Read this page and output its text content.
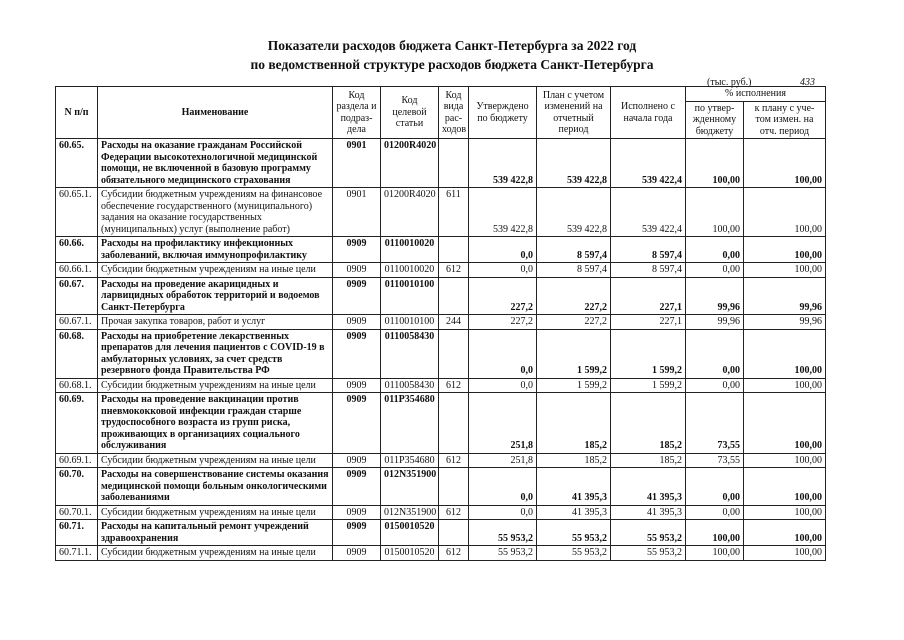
Показатели расходов бюджета Санкт-Петербурга за 2022 год
по ведомственной структуре расходов бюджета Санкт-Петербурга
(тыс. руб.)	433
N п/п	Наименование	Код раздела и подраз-дела	Код целевой статьи	Код вида рас-ходов	Утверждено по бюджету	План с учетом изменений на отчетный период	Исполнено с начала года	% исполнения	
								по утвер-жденному бюджету	к плану с уче-том измен. на отч. период
60.65.	Расходы на оказание гражданам Российской Федерации высокотехнологичной медицинской помощи, не включенной в базовую программу обязательного медицинского страхования	0901	01200R4020		539 422,8	539 422,8	539 422,4	100,00	100,00
60.65.1.	Субсидии бюджетным учреждениям на финансовое обеспечение государственного (муниципального) задания на оказание государственных (муниципальных) услуг (выполнение работ)	0901	01200R4020	611	539 422,8	539 422,8	539 422,4	100,00	100,00
60.66.	Расходы на профилактику инфекционных заболеваний, включая иммунопрофилактику	0909	0110010020		0,0	8 597,4	8 597,4	0,00	100,00
60.66.1.	Субсидии бюджетным учреждениям на иные цели	0909	0110010020	612	0,0	8 597,4	8 597,4	0,00	100,00
60.67.	Расходы на проведение акарицидных и ларвицидных обработок территорий и водоемов Санкт-Петербурга	0909	0110010100		227,2	227,2	227,1	99,96	99,96
60.67.1.	Прочая закупка товаров, работ и услуг	0909	0110010100	244	227,2	227,2	227,1	99,96	99,96
60.68.	Расходы на приобретение лекарственных препаратов для лечения пациентов с COVID-19 в амбулаторных условиях, за счет средств резервного фонда Правительства РФ	0909	0110058430		0,0	1 599,2	1 599,2	0,00	100,00
60.68.1.	Субсидии бюджетным учреждениям на иные цели	0909	0110058430	612	0,0	1 599,2	1 599,2	0,00	100,00
60.69.	Расходы на проведение вакцинации против пневмококковой инфекции граждан старше трудоспособного возраста из групп риска, проживающих в организациях социального обслуживания	0909	011P354680		251,8	185,2	185,2	73,55	100,00
60.69.1.	Субсидии бюджетным учреждениям на иные цели	0909	011P354680	612	251,8	185,2	185,2	73,55	100,00
60.70.	Расходы на совершенствование системы оказания медицинской помощи больным онкологическими заболеваниями	0909	012N351900		0,0	41 395,3	41 395,3	0,00	100,00
60.70.1.	Субсидии бюджетным учреждениям на иные цели	0909	012N351900	612	0,0	41 395,3	41 395,3	0,00	100,00
60.71.	Расходы на капитальный ремонт учреждений здравоохранения	0909	0150010520		55 953,2	55 953,2	55 953,2	100,00	100,00
60.71.1.	Субсидии бюджетным учреждениям на иные цели	0909	0150010520	612	55 953,2	55 953,2	55 953,2	100,00	100,00
